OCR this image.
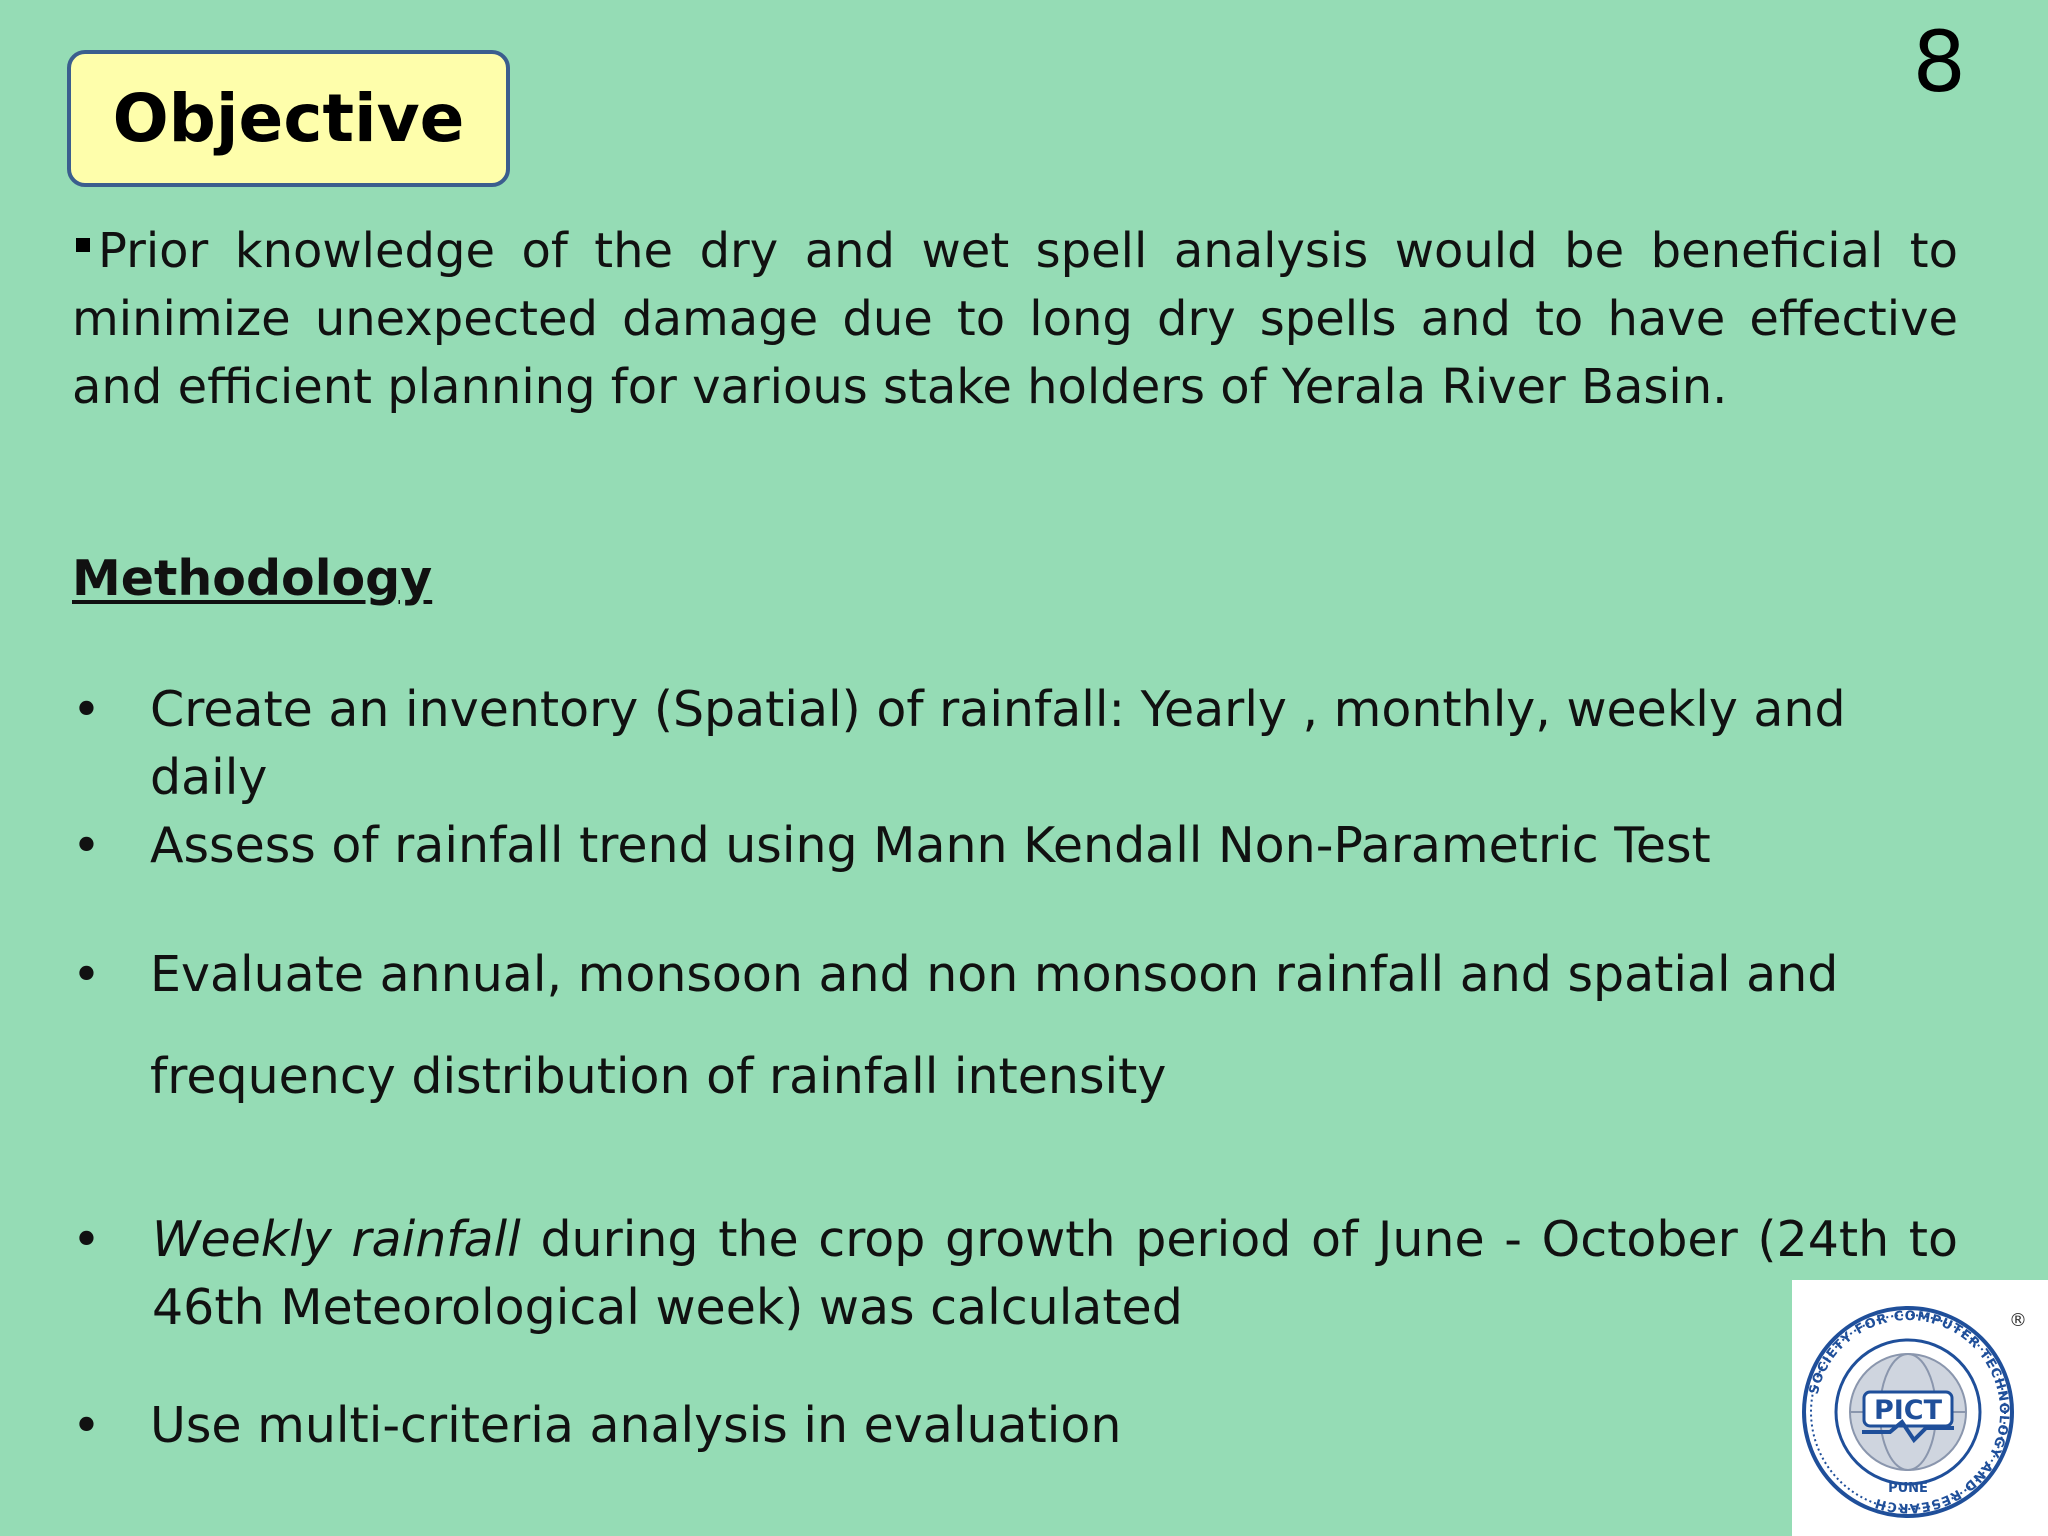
Objective
8

Prior knowledge of the dry and wet spell analysis would be beneficial to minimize unexpected damage due to long dry spells and to have effective and efficient planning for various stake holders of Yerala River Basin.

Methodology
•	Create an inventory (Spatial) of rainfall: Yearly , monthly, weekly and daily
•	Assess of rainfall trend using Mann Kendall Non-Parametric Test
•	Evaluate annual, monsoon and non monsoon rainfall and spatial and
frequency distribution of rainfall intensity
•	Weekly rainfall during the crop growth period of June - October (24th to 46th Meteorological week) was calculated
•	Use multi-criteria analysis in evaluation
SOCIETY FOR COMPUTER TECHNOLOGY AND RESEARCH
PICT
PUNE
®
